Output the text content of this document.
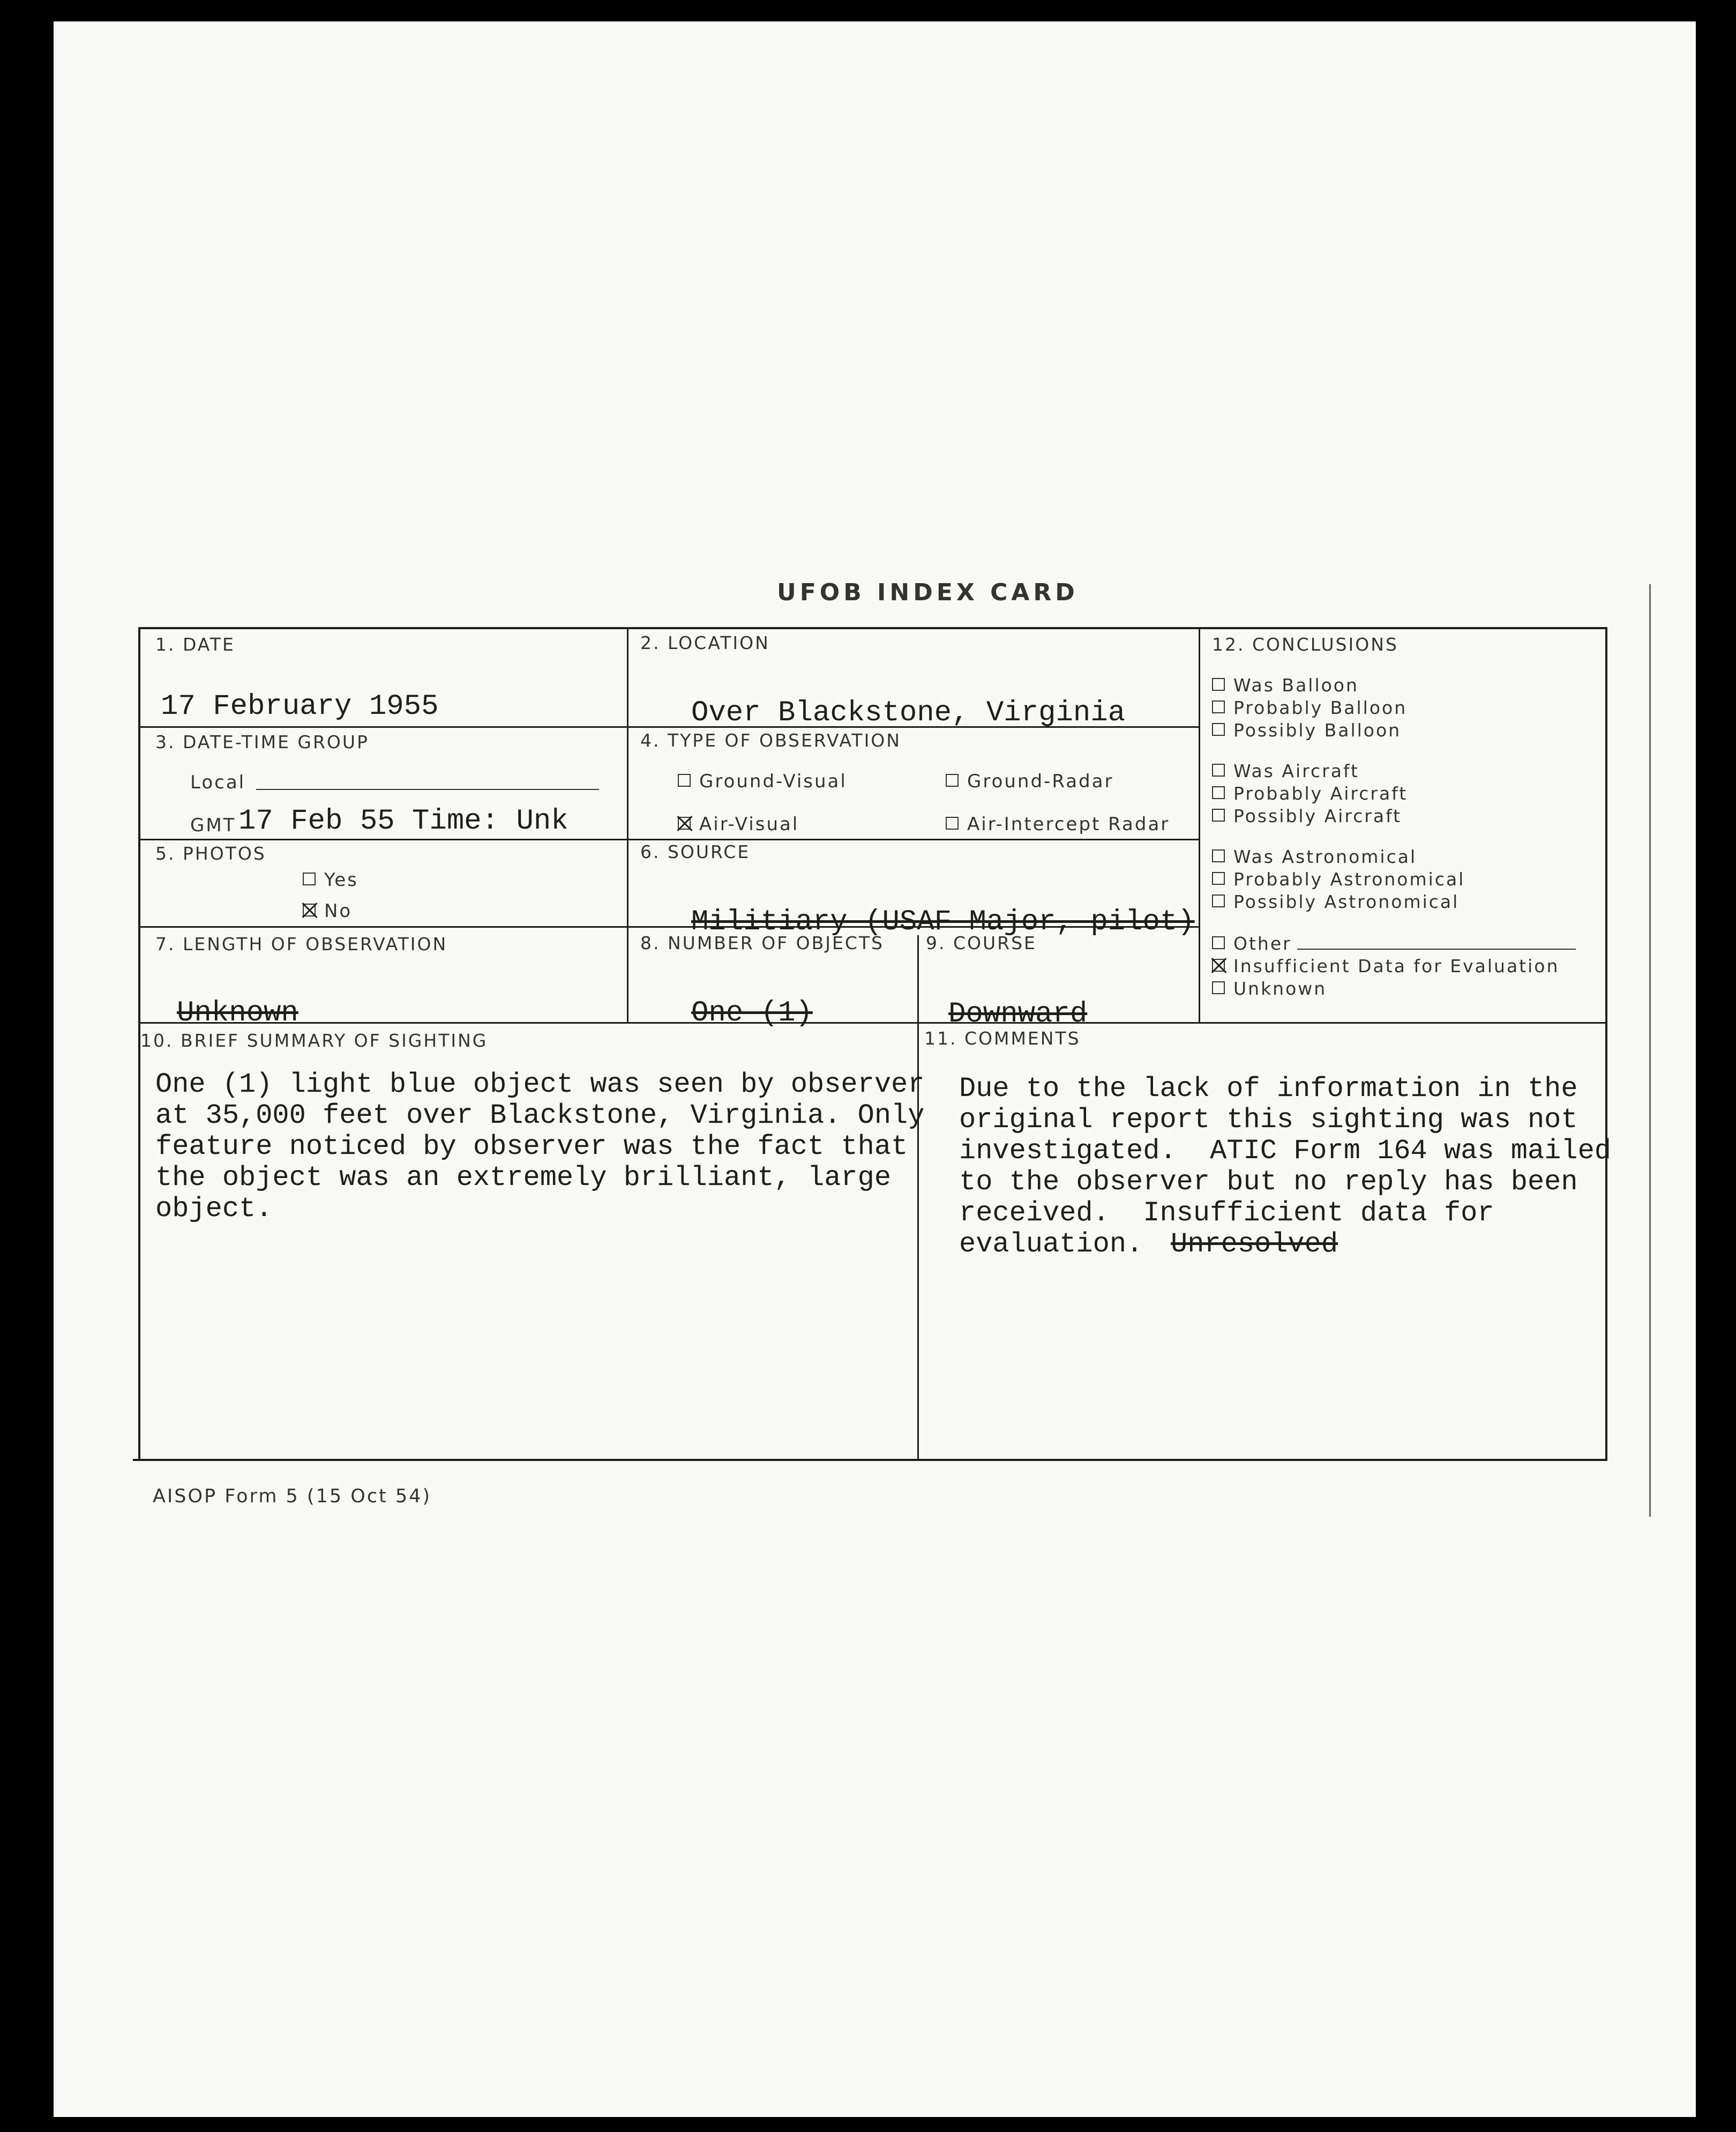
UFOB INDEX CARD
1. DATE
17 February 1955
2. LOCATION
Over Blackstone, Virginia
3. DATE-TIME GROUP
Local
GMT 17 Feb 55 Time: Unk
4. TYPE OF OBSERVATION
Ground-Visual	Ground-Radar
Air-Visual	Air-Intercept Radar
5. PHOTOS
Yes
No
6. SOURCE
Militiary (USAF Major, pilot)
7. LENGTH OF OBSERVATION
Unknown
8. NUMBER OF OBJECTS
One (1)
9. COURSE
Downward
12. CONCLUSIONS
Was Balloon
Probably Balloon
Possibly Balloon
Was Aircraft
Probably Aircraft
Possibly Aircraft
Was Astronomical
Probably Astronomical
Possibly Astronomical
Other
Insufficient Data for Evaluation
Unknown
10. BRIEF SUMMARY OF SIGHTING
One (1) light blue object was seen by observer
at 35,000 feet over Blackstone, Virginia. Only
feature noticed by observer was the fact that
the object was an extremely brilliant, large
object.
11. COMMENTS
Due to the lack of information in the
original report this sighting was not
investigated.  ATIC Form 164 was mailed
to the observer but no reply has been
received.  Insufficient data for
evaluation. Unresolved
AISOP Form 5 (15 Oct 54)
